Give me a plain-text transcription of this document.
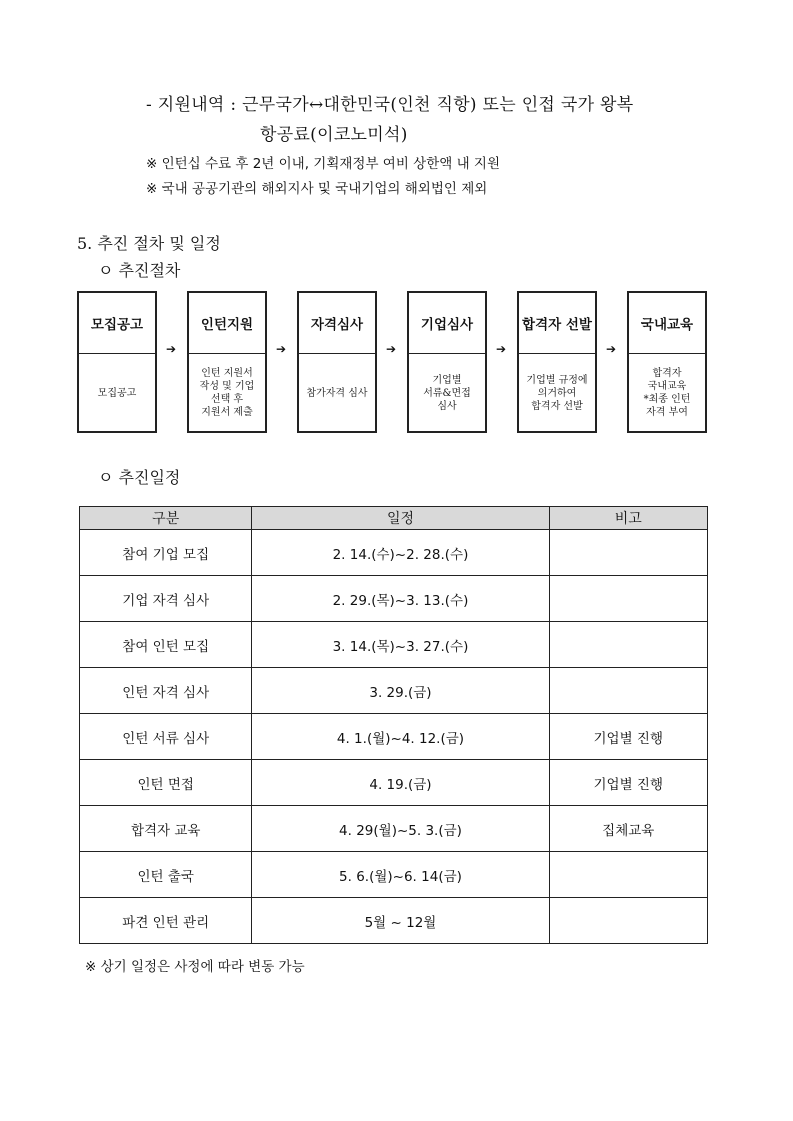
- 지원내역 : 근무국가↔대한민국(인천 직항) 또는 인접 국가 왕복
항공료(이코노미석)
※ 인턴십 수료 후 2년 이내, 기획재정부 여비 상한액 내 지원
※ 국내 공공기관의 해외지사 및 국내기업의 해외법인 제외
5. 추진 절차 및 일정
ㅇ 추진절차
모집공고
모집공고
➔
인턴지원
인턴 지원서
작성 및 기업
선택 후
지원서 제출
➔
자격심사
참가자격 심사
➔
기업심사
기업별
서류&면접
심사
➔
합격자 선발
기업별 규정에
의거하여
합격자 선발
➔
국내교육
합격자
국내교육
*최종 인턴
자격 부여
ㅇ 추진일정
구분	일정	비고
참여 기업 모집	2. 14.(수)~2. 28.(수)	
기업 자격 심사	2. 29.(목)~3. 13.(수)	
참여 인턴 모집	3. 14.(목)~3. 27.(수)	
인턴 자격 심사	3. 29.(금)	
인턴 서류 심사	4. 1.(월)~4. 12.(금)	기업별 진행
인턴 면접	4. 19.(금)	기업별 진행
합격자 교육	4. 29(월)~5. 3.(금)	집체교육
인턴 출국	5. 6.(월)~6. 14(금)	
파견 인턴 관리	5월 ~ 12월	
※ 상기 일정은 사정에 따라 변동 가능
